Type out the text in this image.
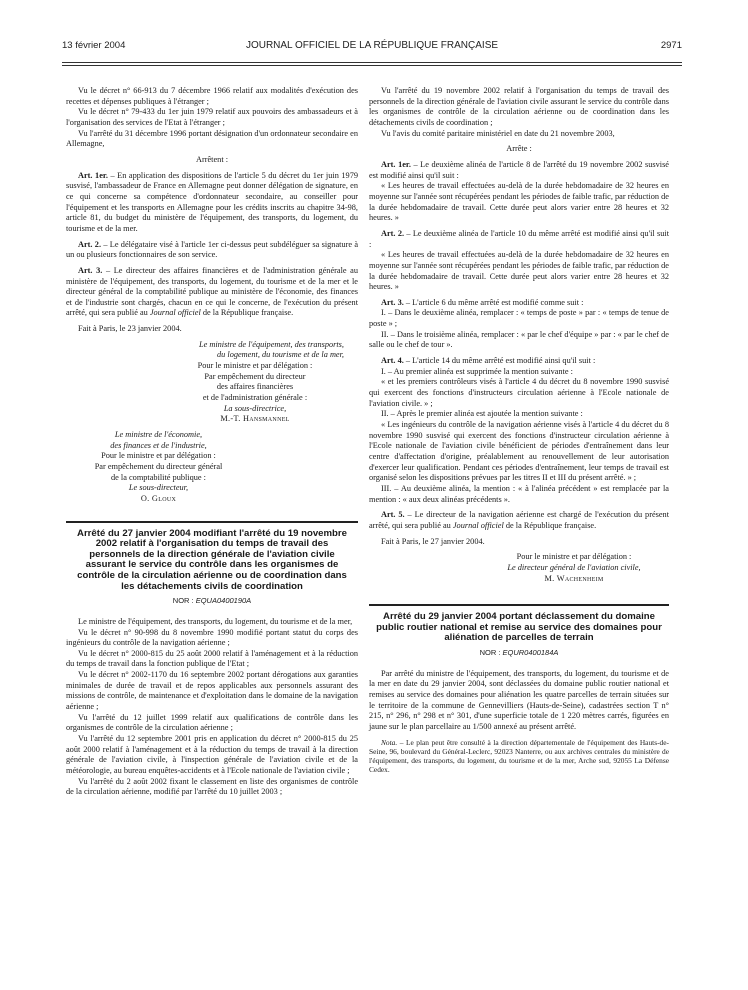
13 février 2004	JOURNAL OFFICIEL DE LA RÉPUBLIQUE FRANÇAISE	2971

Vu le décret n° 66-913 du 7 décembre 1966 relatif aux modalités d'exécution des recettes et dépenses publiques à l'étranger ;

Vu le décret n° 79-433 du 1er juin 1979 relatif aux pouvoirs des ambassadeurs et à l'organisation des services de l'Etat à l'étranger ;

Vu l'arrêté du 31 décembre 1996 portant désignation d'un ordonnateur secondaire en Allemagne,

Arrêtent :

Art. 1er. – En application des dispositions de l'article 5 du décret du 1er juin 1979 susvisé, l'ambassadeur de France en Allemagne peut donner délégation de signature, en ce qui concerne sa compétence d'ordonnateur secondaire, au conseiller pour l'équipement et les transports en Allemagne pour les crédits inscrits au chapitre 34-98, article 81, du budget du ministère de l'équipement, des transports, du logement, du tourisme et de la mer.

Art. 2. – Le délégataire visé à l'article 1er ci-dessus peut subdéléguer sa signature à un ou plusieurs fonctionnaires de son service.

Art. 3. – Le directeur des affaires financières et de l'administration générale au ministère de l'équipement, des transports, du logement, du tourisme et de la mer et le directeur général de la comptabilité publique au ministère de l'économie, des finances et de l'industrie sont chargés, chacun en ce qui le concerne, de l'exécution du présent arrêté, qui sera publié au Journal officiel de la République française.

Fait à Paris, le 23 janvier 2004.

Le ministre de l'équipement, des transports,
du logement, du tourisme et de la mer,
Pour le ministre et par délégation :
Par empêchement du directeur
des affaires financières
et de l'administration générale :
La sous-directrice,
M.-T. Hansmannel
Le ministre de l'économie,
des finances et de l'industrie,
Pour le ministre et par délégation :
Par empêchement du directeur général
de la comptabilité publique :
Le sous-directeur,
O. Gloux
Arrêté du 27 janvier 2004 modifiant l'arrêté du 19 novembre 2002 relatif à l'organisation du temps de travail des personnels de la direction générale de l'aviation civile assurant le service du contrôle dans les organismes de contrôle de la circulation aérienne ou de coordination dans les détachements civils de coordination
NOR : EQUA0400190A

Le ministre de l'équipement, des transports, du logement, du tourisme et de la mer,

Vu le décret n° 90-998 du 8 novembre 1990 modifié portant statut du corps des ingénieurs du contrôle de la navigation aérienne ;

Vu le décret n° 2000-815 du 25 août 2000 relatif à l'aménagement et à la réduction du temps de travail dans la fonction publique de l'Etat ;

Vu le décret n° 2002-1170 du 16 septembre 2002 portant dérogations aux garanties minimales de durée de travail et de repos applicables aux personnels assurant des missions de contrôle, de maintenance et d'exploitation dans le domaine de la navigation aérienne ;

Vu l'arrêté du 12 juillet 1999 relatif aux qualifications de contrôle dans les organismes de contrôle de la circulation aérienne ;

Vu l'arrêté du 12 septembre 2001 pris en application du décret n° 2000-815 du 25 août 2000 relatif à l'aménagement et à la réduction du temps de travail à la direction générale de l'aviation civile, à l'inspection générale de l'aviation civile et de la météorologie, au bureau enquêtes-accidents et à l'Ecole nationale de l'aviation civile ;

Vu l'arrêté du 2 août 2002 fixant le classement en liste des organismes de contrôle de la circulation aérienne, modifié par l'arrêté du 10 juillet 2003 ;

Vu l'arrêté du 19 novembre 2002 relatif à l'organisation du temps de travail des personnels de la direction générale de l'aviation civile assurant le service du contrôle dans les organismes de contrôle de la circulation aérienne ou de coordination dans les détachements civils de coordination ;

Vu l'avis du comité paritaire ministériel en date du 21 novembre 2003,

Arrête :

Art. 1er. – Le deuxième alinéa de l'article 8 de l'arrêté du 19 novembre 2002 susvisé est modifié ainsi qu'il suit :

« Les heures de travail effectuées au-delà de la durée hebdomadaire de 32 heures en moyenne sur l'année sont récupérées pendant les périodes de faible trafic, par réduction de la durée hebdomadaire de travail. Cette durée peut alors varier entre 28 heures et 32 heures. »

Art. 2. – Le deuxième alinéa de l'article 10 du même arrêté est modifié ainsi qu'il suit :

« Les heures de travail effectuées au-delà de la durée hebdomadaire de 32 heures en moyenne sur l'année sont récupérées pendant les périodes de faible trafic, par réduction de la durée hebdomadaire de travail. Cette durée peut alors varier entre 28 heures et 32 heures. »

Art. 3. – L'article 6 du même arrêté est modifié comme suit :

I. – Dans le deuxième alinéa, remplacer : « temps de poste » par : « temps de tenue de poste » ;

II. – Dans le troisième alinéa, remplacer : « par le chef d'équipe » par : « par le chef de salle ou le chef de tour ».

Art. 4. – L'article 14 du même arrêté est modifié ainsi qu'il suit :

I. – Au premier alinéa est supprimée la mention suivante :

« et les premiers contrôleurs visés à l'article 4 du décret du 8 novembre 1990 susvisé qui exercent des fonctions d'instructeurs circulation aérienne à l'Ecole nationale de l'aviation civile. » ;

II. – Après le premier alinéa est ajoutée la mention suivante :

« Les ingénieurs du contrôle de la navigation aérienne visés à l'article 4 du décret du 8 novembre 1990 susvisé qui exercent des fonctions d'instructeur circulation aérienne à l'Ecole nationale de l'aviation civile bénéficient de périodes d'entraînement dans leur centre d'affectation d'origine, préalablement au renouvellement de leur autorisation d'exercer leur qualification. Pendant ces périodes d'entraînement, leur temps de travail est organisé selon les dispositions prévues par les titres II et III du présent arrêté. » ;

III. – Au deuxième alinéa, la mention : « à l'alinéa précédent » est remplacée par la mention : « aux deux alinéas précédents ».

Art. 5. – Le directeur de la navigation aérienne est chargé de l'exécution du présent arrêté, qui sera publié au Journal officiel de la République française.

Fait à Paris, le 27 janvier 2004.

Pour le ministre et par délégation :
Le directeur général de l'aviation civile,
M. Wachenheim
Arrêté du 29 janvier 2004 portant déclassement du domaine public routier national et remise au service des domaines pour aliénation de parcelles de terrain
NOR : EQUR0400184A

Par arrêté du ministre de l'équipement, des transports, du logement, du tourisme et de la mer en date du 29 janvier 2004, sont déclassées du domaine public routier national et remises au service des domaines pour aliénation les quatre parcelles de terrain situées sur le territoire de la commune de Gennevilliers (Hauts-de-Seine), cadastrées section T n° 215, n° 296, n° 298 et n° 301, d'une superficie totale de 1 220 mètres carrés, figurées en jaune sur le plan parcellaire au 1/500 annexé au présent arrêté.

Nota. – Le plan peut être consulté à la direction départementale de l'équipement des Hauts-de-Seine, 96, boulevard du Général-Leclerc, 92023 Nanterre, ou aux archives centrales du ministère de l'équipement, des transports, du logement, du tourisme et de la mer, Arche sud, 92055 La Défense Cedex.
